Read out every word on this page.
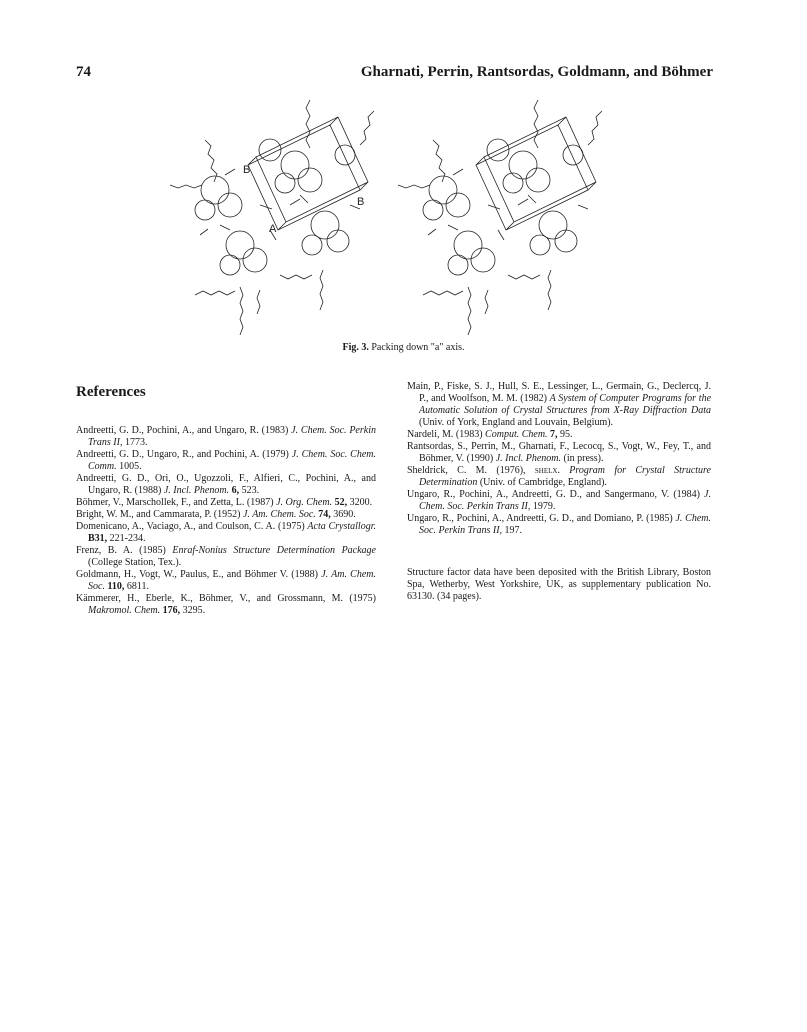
74	Gharnati, Perrin, Rantsordas, Goldmann, and Böhmer
B
B
A
Fig. 3. Packing down "a" axis.
References

Andreetti, G. D., Pochini, A., and Ungaro, R. (1983) J. Chem. Soc. Perkin Trans II, 1773.

Andreetti, G. D., Ungaro, R., and Pochini, A. (1979) J. Chem. Soc. Chem. Comm. 1005.

Andreetti, G. D., Ori, O., Ugozzoli, F., Alfieri, C., Pochini, A., and Ungaro, R. (1988) J. Incl. Phenom. 6, 523.

Böhmer, V., Marschollek, F., and Zetta, L. (1987) J. Org. Chem. 52, 3200.

Bright, W. M., and Cammarata, P. (1952) J. Am. Chem. Soc. 74, 3690.

Domenicano, A., Vaciago, A., and Coulson, C. A. (1975) Acta Crystallogr. B31, 221-234.

Frenz, B. A. (1985) Enraf-Nonius Structure Determination Package (College Station, Tex.).

Goldmann, H., Vogt, W., Paulus, E., and Böhmer V. (1988) J. Am. Chem. Soc. 110, 6811.

Kämmerer, H., Eberle, K., Böhmer, V., and Grossmann, M. (1975) Makromol. Chem. 176, 3295.

Main, P., Fiske, S. J., Hull, S. E., Lessinger, L., Germain, G., Declercq, J. P., and Woolfson, M. M. (1982) A System of Computer Programs for the Automatic Solution of Crystal Structures from X-Ray Diffraction Data (Univ. of York, England and Louvain, Belgium).

Nardeli, M. (1983) Comput. Chem. 7, 95.

Rantsordas, S., Perrin, M., Gharnati, F., Lecocq, S., Vogt, W., Fey, T., and Böhmer, V. (1990) J. Incl. Phenom. (in press).

Sheldrick, C. M. (1976), shelx. Program for Crystal Structure Determination (Univ. of Cambridge, England).

Ungaro, R., Pochini, A., Andreetti, G. D., and Sangermano, V. (1984) J. Chem. Soc. Perkin Trans II, 1979.

Ungaro, R., Pochini, A., Andreetti, G. D., and Domiano, P. (1985) J. Chem. Soc. Perkin Trans II, 197.

Structure factor data have been deposited with the British Library, Boston Spa, Wetherby, West Yorkshire, UK, as supplementary publication No. 63130. (34 pages).
